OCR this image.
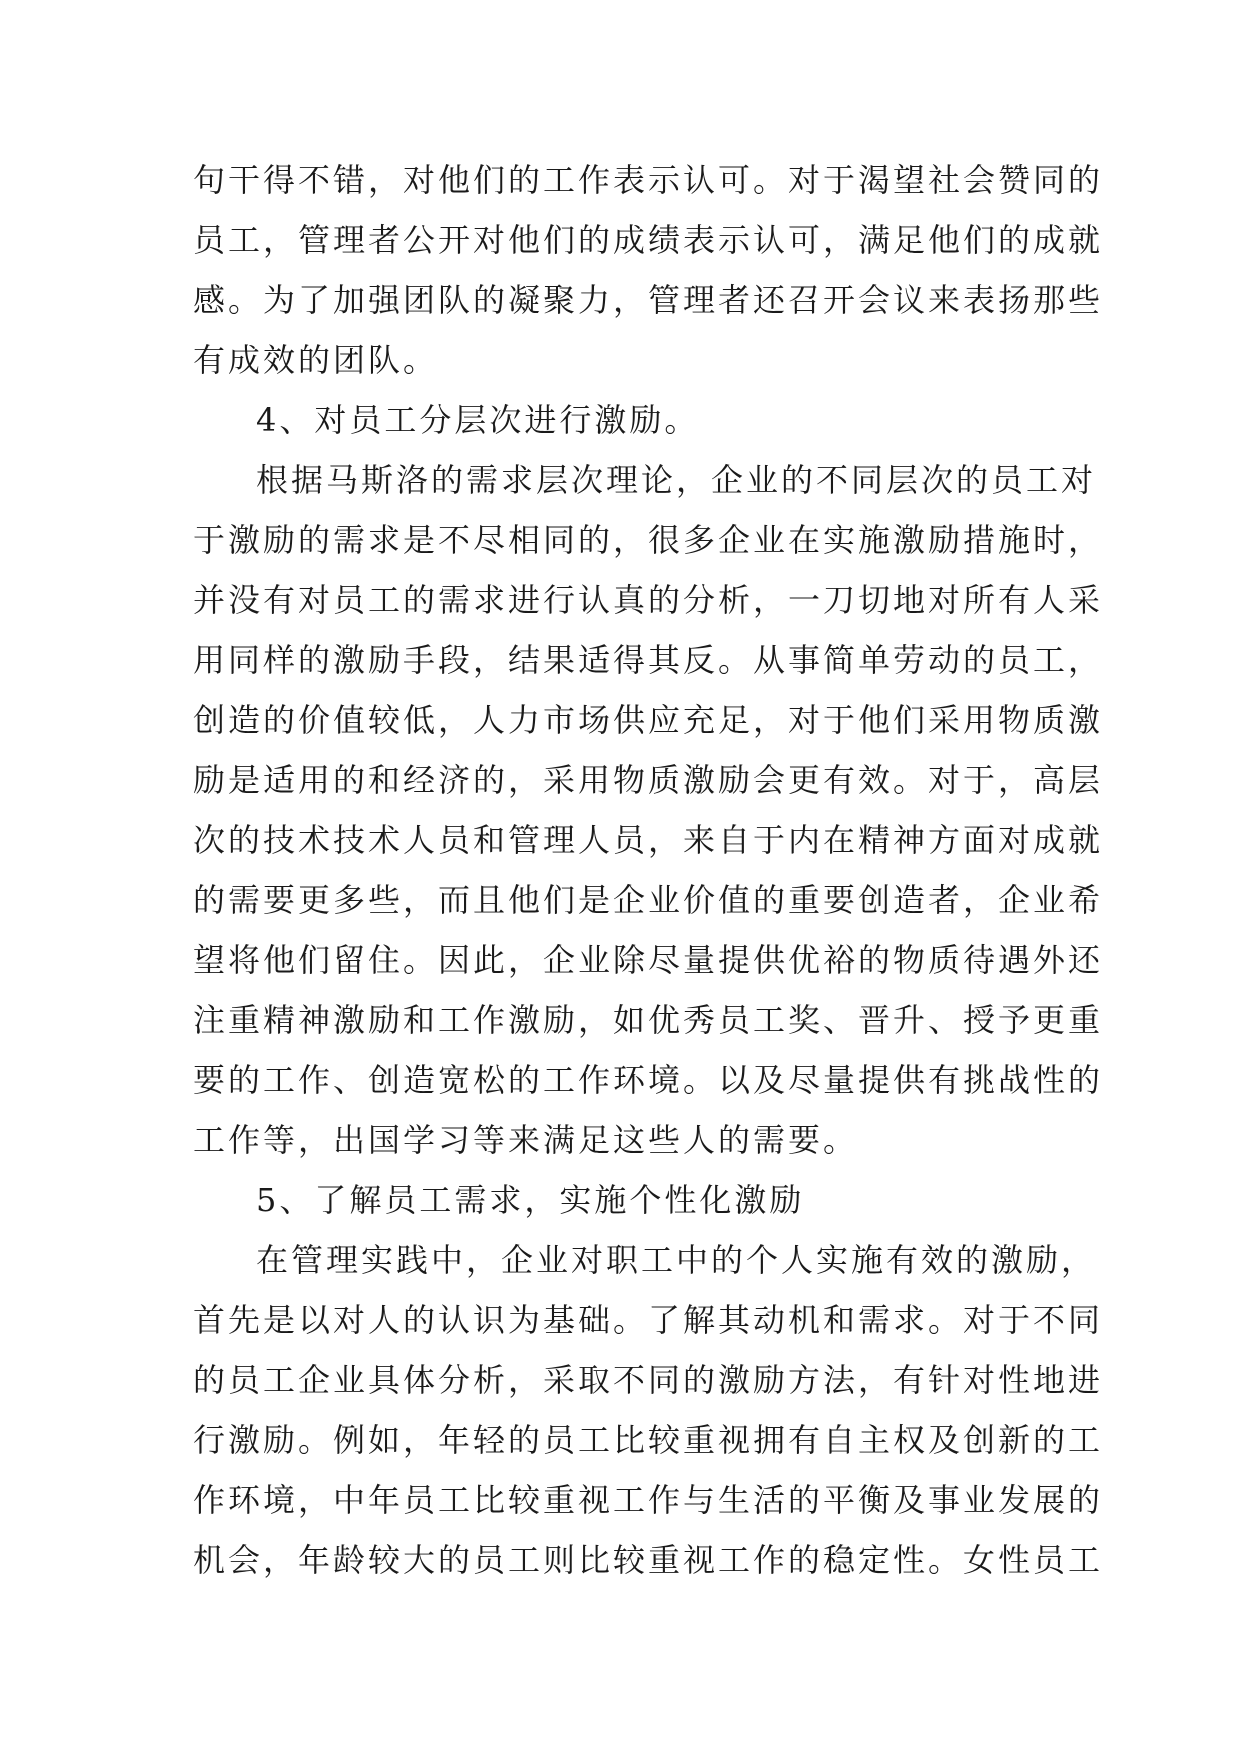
句干得不错，对他们的工作表示认可。对于渴望社会赞同的
员工，管理者公开对他们的成绩表示认可，满足他们的成就
感。为了加强团队的凝聚力，管理者还召开会议来表扬那些
有成效的团队。
4、对员工分层次进行激励。
根据马斯洛的需求层次理论，企业的不同层次的员工对
于激励的需求是不尽相同的，很多企业在实施激励措施时，
并没有对员工的需求进行认真的分析，一刀切地对所有人采
用同样的激励手段，结果适得其反。从事简单劳动的员工，
创造的价值较低，人力市场供应充足，对于他们采用物质激
励是适用的和经济的，采用物质激励会更有效。对于，高层
次的技术技术人员和管理人员，来自于内在精神方面对成就
的需要更多些，而且他们是企业价值的重要创造者，企业希
望将他们留住。因此，企业除尽量提供优裕的物质待遇外还
注重精神激励和工作激励，如优秀员工奖、晋升、授予更重
要的工作、创造宽松的工作环境。以及尽量提供有挑战性的
工作等，出国学习等来满足这些人的需要。
5、了解员工需求，实施个性化激励
在管理实践中，企业对职工中的个人实施有效的激励，
首先是以对人的认识为基础。了解其动机和需求。对于不同
的员工企业具体分析，采取不同的激励方法，有针对性地进
行激励。例如，年轻的员工比较重视拥有自主权及创新的工
作环境，中年员工比较重视工作与生活的平衡及事业发展的
机会，年龄较大的员工则比较重视工作的稳定性。女性员工
